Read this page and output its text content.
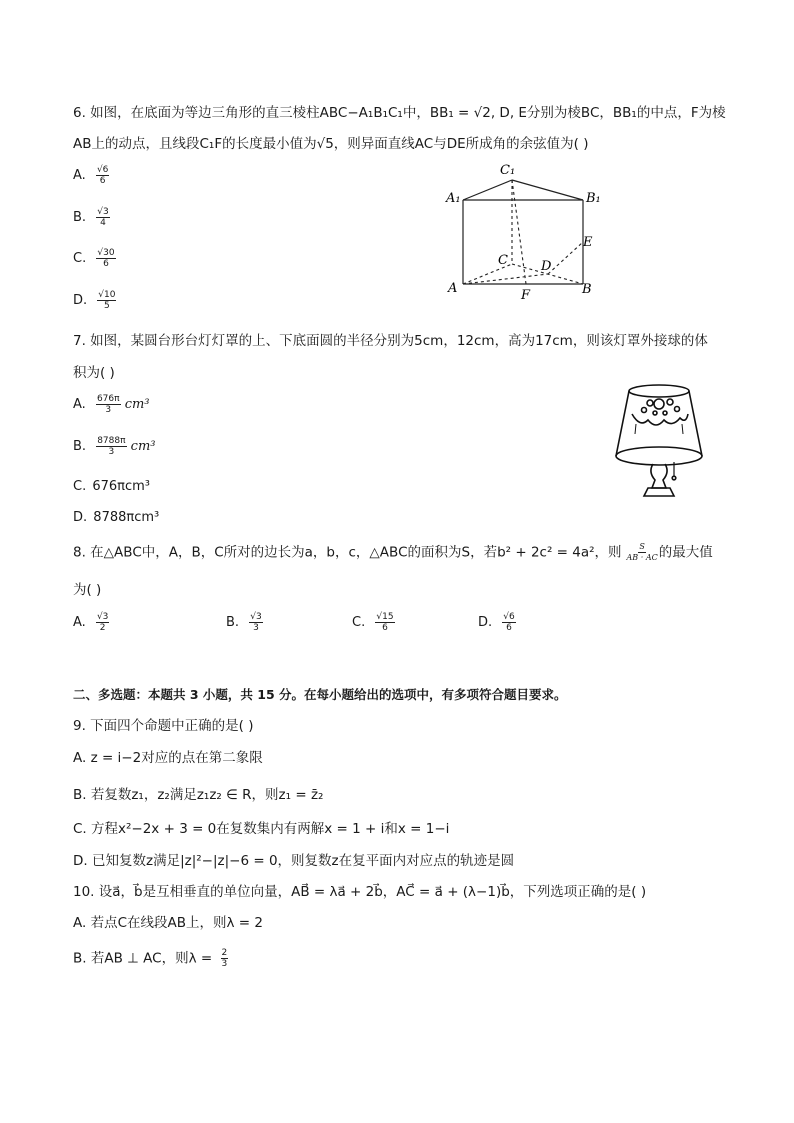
6. 如图，在底面为等边三角形的直三棱柱ABC−A₁B₁C₁中，BB₁ = √2, D, E分别为棱BC，BB₁的中点，F为棱
AB上的动点，且线段C₁F的长度最小值为√5，则异面直线AC与DE所成角的余弦值为( )
A. $\frac{√6}{6}$
B. $\frac{√3}{4}$
C. $\frac{√30}{6}$
D. $\frac{√10}{5}$
C₁
A₁	B₁
C	D
E
A	B
F
7. 如图，某圆台形台灯灯罩的上、下底面圆的半径分别为5cm，12cm，高为17cm，则该灯罩外接球的体
积为( )
A. $\frac{676\pi}{3} cm^3$
B. $\frac{8788\pi}{3} cm^3$
C. 676πcm³
D. 8788πcm³
8. 在△ABC中，A，B，C所对的边长为a，b，c，△ABC的面积为S，若b² + 2c² = 4a²，则 $\frac{S}{AB \cdot AC}$ 的最大值
为( )
A. $\frac{√3}{2}$	B. $\frac{√3}{3}$	C. $\frac{√15}{6}$	D. $\frac{√6}{6}$
二、多选题：本题共 3 小题，共 15 分。在每小题给出的选项中，有多项符合题目要求。
9. 下面四个命题中正确的是( )
A. z = i−2对应的点在第二象限
B. 若复数z₁，z₂满足z₁z₂ ∈ R，则z₁ = z̄₂
C. 方程x²−2x + 3 = 0在复数集内有两解x = 1 + i和x = 1−i
D. 已知复数z满足|z|²−|z|−6 = 0，则复数z在复平面内对应点的轨迹是圆
10. 设a⃗，b⃗是互相垂直的单位向量，AB⃗ = λa⃗ + 2b⃗，AC⃗ = a⃗ + (λ−1)b⃗，下列选项正确的是( )
A. 若点C在线段AB上，则λ = 2
B. 若AB ⊥ AC，则$\lambda = \frac{2}{3}$
